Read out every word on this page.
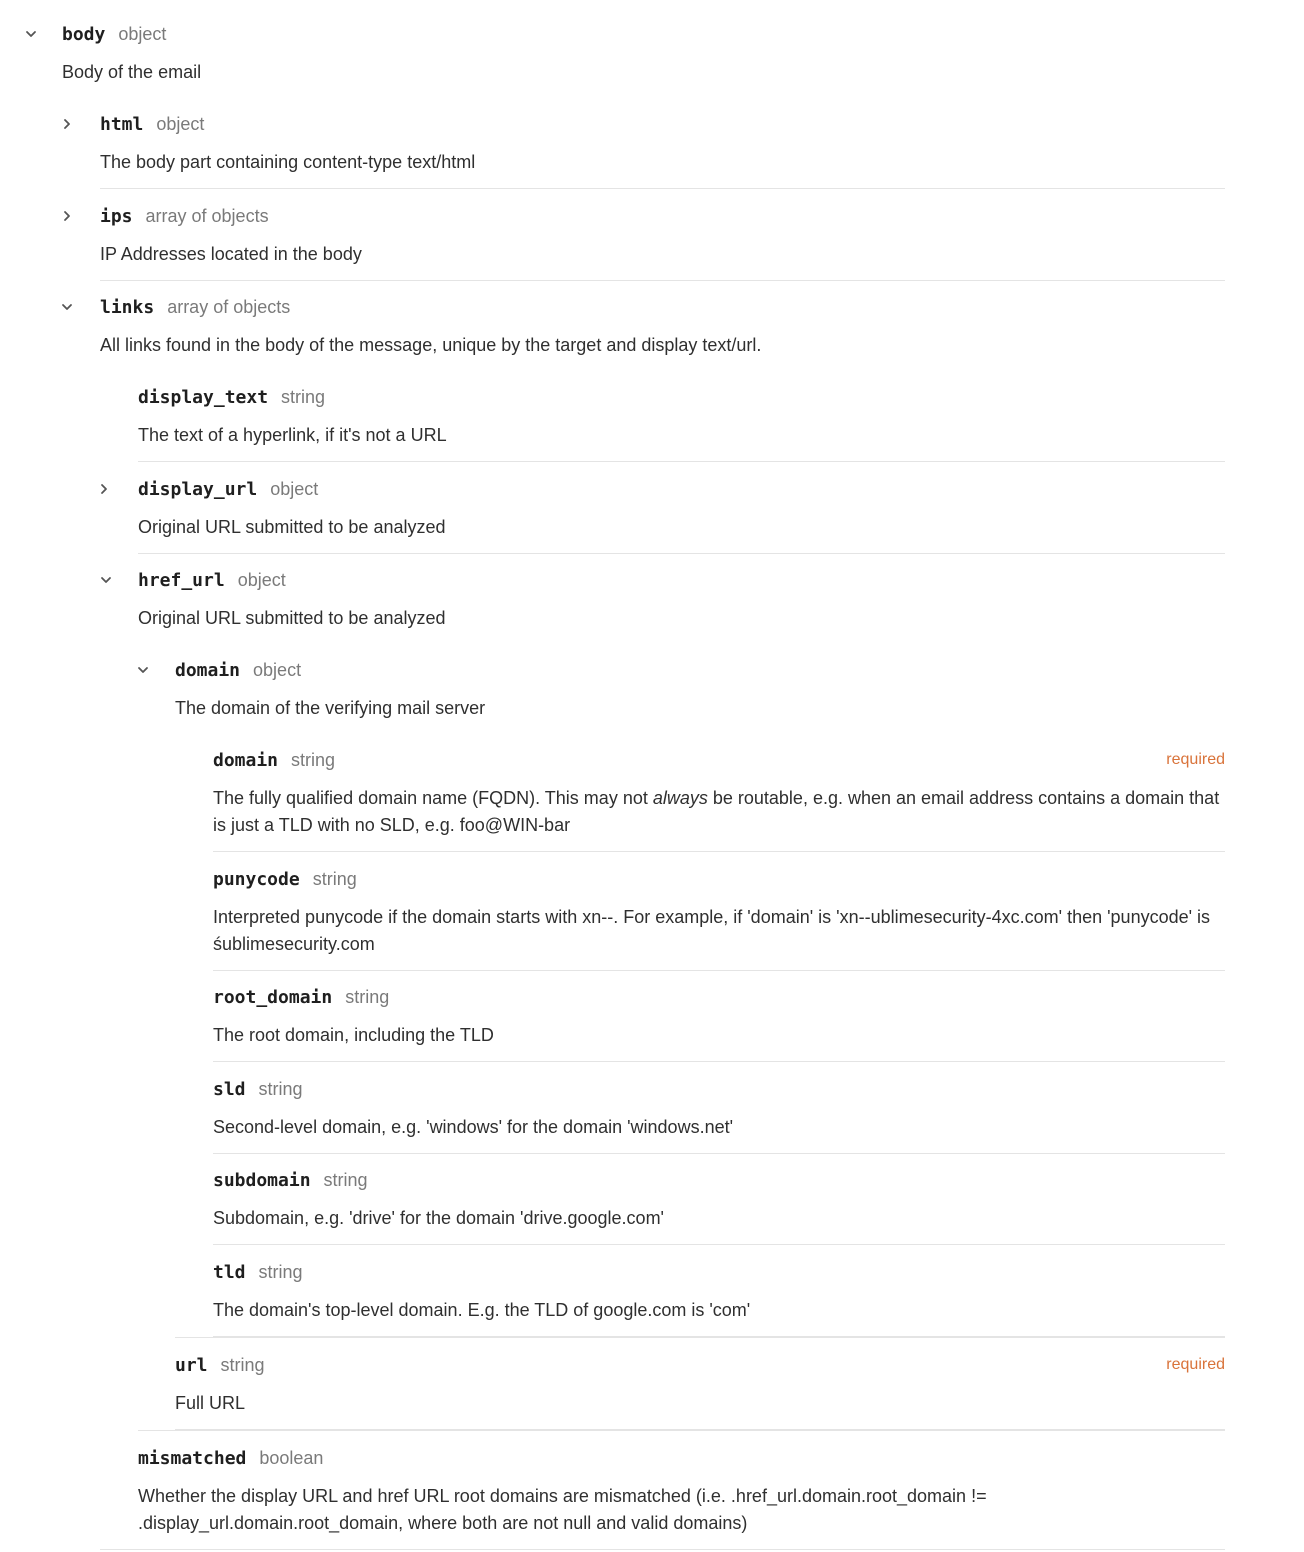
body object
Body of the email
html object
The body part containing content-type text/html
ips array of objects
IP Addresses located in the body
links array of objects
All links found in the body of the message, unique by the target and display text/url.
display_text string
The text of a hyperlink, if it's not a URL
display_url object
Original URL submitted to be analyzed
href_url object
Original URL submitted to be analyzed
domain object
The domain of the verifying mail server
domain string	required
The fully qualified domain name (FQDN). This may not always be routable, e.g. when an email address contains a domain that is just a TLD with no SLD, e.g. foo@WIN-bar
punycode string
Interpreted punycode if the domain starts with xn--. For example, if 'domain' is 'xn--ublimesecurity-4xc.com' then 'punycode' is śublimesecurity.com
root_domain string
The root domain, including the TLD
sld string
Second-level domain, e.g. 'windows' for the domain 'windows.net'
subdomain string
Subdomain, e.g. 'drive' for the domain 'drive.google.com'
tld string
The domain's top-level domain. E.g. the TLD of google.com is 'com'
url string	required
Full URL
mismatched boolean
Whether the display URL and href URL root domains are mismatched (i.e. .href_url.domain.root_domain != .display_url.domain.root_domain, where both are not null and valid domains)
